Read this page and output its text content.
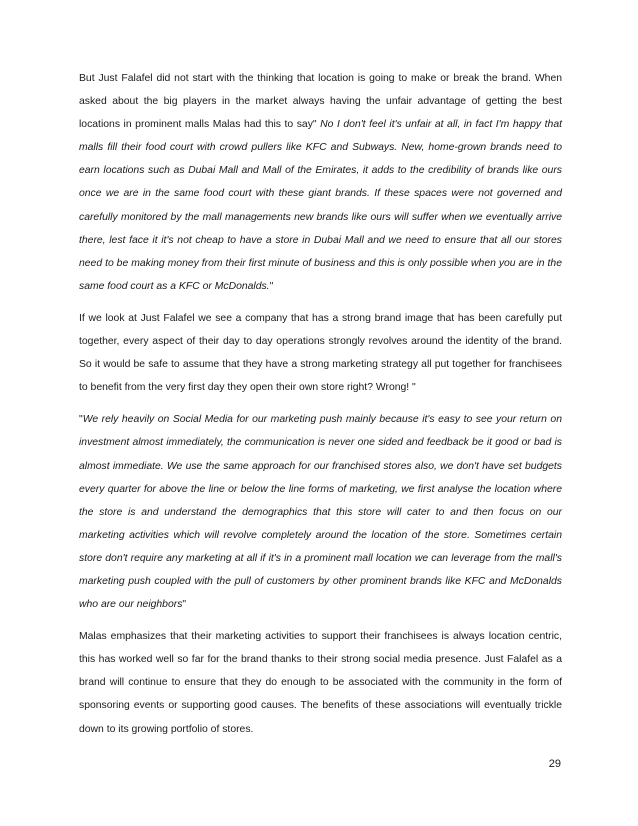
But Just Falafel did not start with the thinking that location is going to make or break the brand. When asked about the big players in the market always having the unfair advantage of getting the best locations in prominent malls Malas had this to say" No I don't feel it's unfair at all, in fact I'm happy that malls fill their food court with crowd pullers like KFC and Subways. New, home-grown brands need to earn locations such as Dubai Mall and Mall of the Emirates, it adds to the credibility of brands like ours once we are in the same food court with these giant brands. If these spaces were not governed and carefully monitored by the mall managements new brands like ours will suffer when we eventually arrive there, lest face it it's not cheap to have a store in Dubai Mall and we need to ensure that all our stores need to be making money from their first minute of business and this is only possible when you are in the same food court as a KFC or McDonalds."

If we look at Just Falafel we see a company that has a strong brand image that has been carefully put together, every aspect of their day to day operations strongly revolves around the identity of the brand. So it would be safe to assume that they have a strong marketing strategy all put together for franchisees to benefit from the very first day they open their own store right? Wrong! "

"We rely heavily on Social Media for our marketing push mainly because it's easy to see your return on investment almost immediately, the communication is never one sided and feedback be it good or bad is almost immediate. We use the same approach for our franchised stores also, we don't have set budgets every quarter for above the line or below the line forms of marketing, we first analyse the location where the store is and understand the demographics that this store will cater to and then focus on our marketing activities which will revolve completely around the location of the store. Sometimes certain store don't require any marketing at all if it's in a prominent mall location we can leverage from the mall's marketing push coupled with the pull of customers by other prominent brands like KFC and McDonalds who are our neighbors"

Malas emphasizes that their marketing activities to support their franchisees is always location centric, this has worked well so far for the brand thanks to their strong social media presence. Just Falafel as a brand will continue to ensure that they do enough to be associated with the community in the form of sponsoring events or supporting good causes. The benefits of these associations will eventually trickle down to its growing portfolio of stores.

29
